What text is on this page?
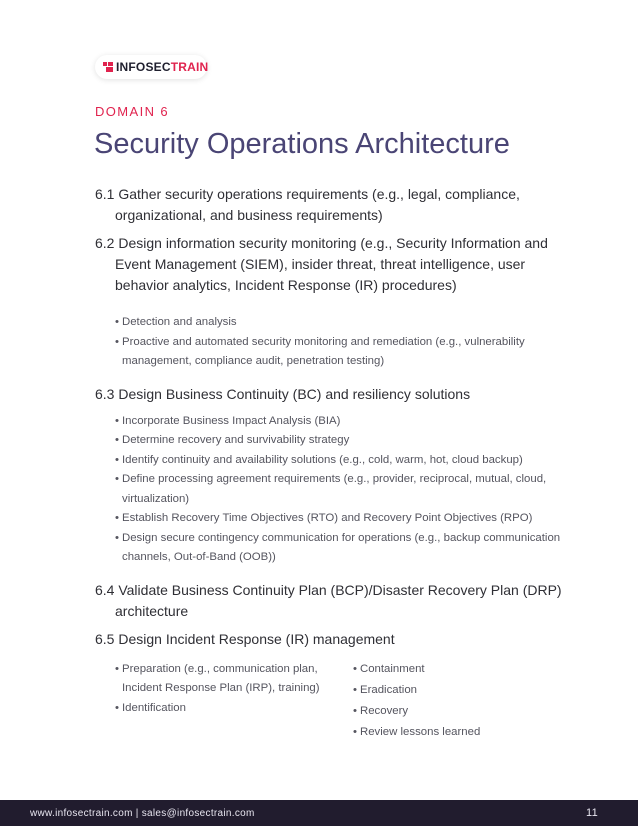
INFOSECTRAIN
DOMAIN 6
Security Operations Architecture
6.1 Gather security operations requirements (e.g., legal, compliance, organizational, and business requirements)
6.2 Design information security monitoring (e.g., Security Information and Event Management (SIEM), insider threat, threat intelligence, user behavior analytics, Incident Response (IR) procedures)
• Detection and analysis
• Proactive and automated security monitoring and remediation (e.g., vulnerability management, compliance audit, penetration testing)
6.3 Design Business Continuity (BC) and resiliency solutions
• Incorporate Business Impact Analysis (BIA)
• Determine recovery and survivability strategy
• Identify continuity and availability solutions (e.g., cold, warm, hot, cloud backup)
• Define processing agreement requirements (e.g., provider, reciprocal, mutual, cloud, virtualization)
• Establish Recovery Time Objectives (RTO) and Recovery Point Objectives (RPO)
• Design secure contingency communication for operations (e.g., backup communication channels, Out-of-Band (OOB))
6.4 Validate Business Continuity Plan (BCP)/Disaster Recovery Plan (DRP) architecture
6.5 Design Incident Response (IR) management
• Preparation (e.g., communication plan, Incident Response Plan (IRP), training)
• Identification
• Containment
• Eradication
• Recovery
• Review lessons learned
www.infosectrain.com | sales@infosectrain.com	11
